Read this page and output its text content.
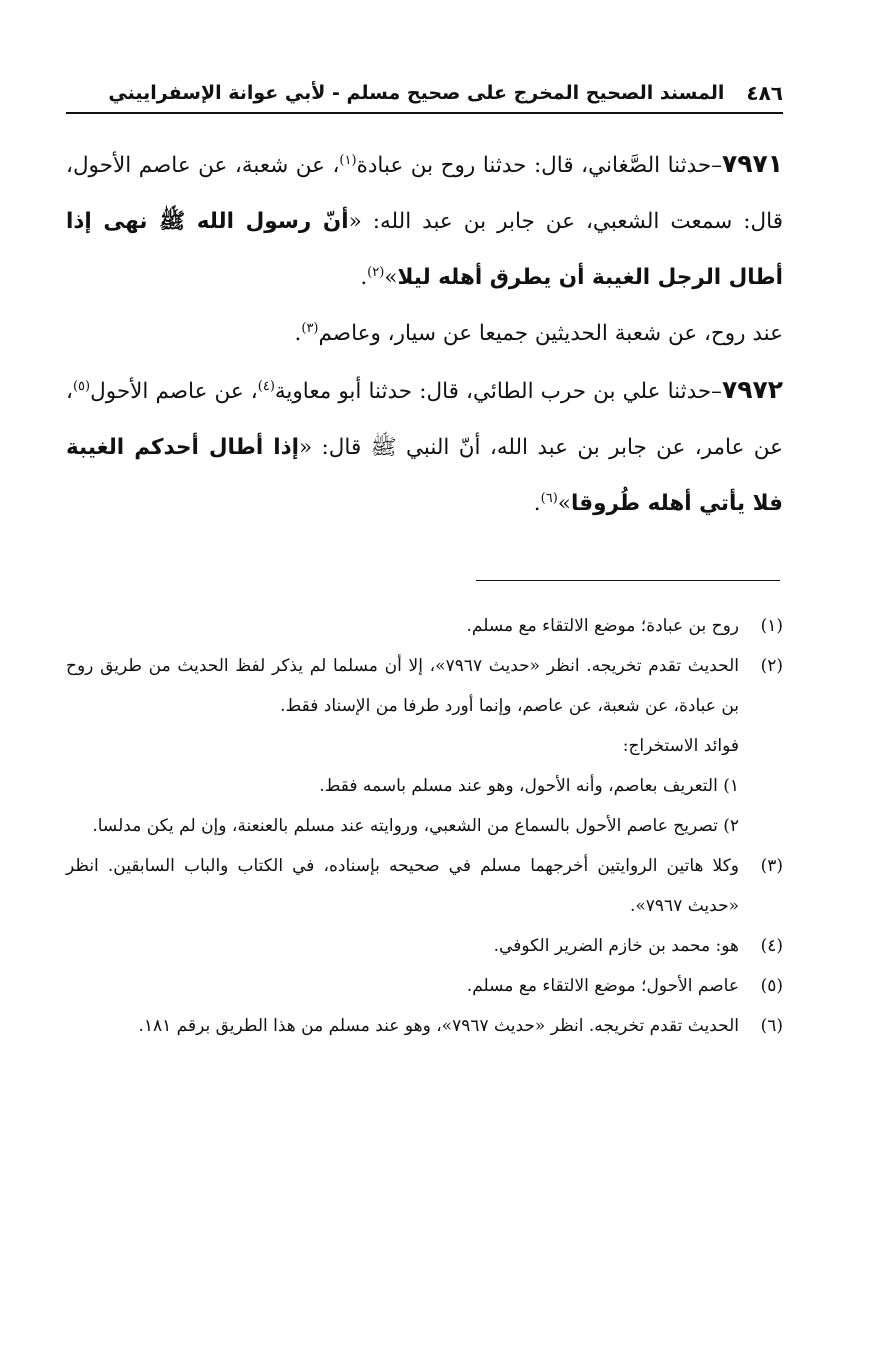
٤٨٦
المسند الصحيح المخرج على صحيح مسلم - لأبي عوانة الإسفراييني

٧٩٧١–حدثنا الصَّغاني، قال: حدثنا روح بن عبادة$^{(١)}$، عن شعبة، عن عاصم الأحول، قال: سمعت الشعبي، عن جابر بن عبد الله: «أنّ رسول الله ﷺ نهى إذا أطال الرجل الغيبة أن يطرق أهله ليلا»$^{(٢)}$.

عند روح، عن شعبة الحديثين جميعا عن سيار، وعاصم$^{(٣)}$.

٧٩٧٢–حدثنا علي بن حرب الطائي، قال: حدثنا أبو معاوية$^{(٤)}$، عن عاصم الأحول$^{(٥)}$، عن عامر، عن جابر بن عبد الله، أنّ النبي ﷺ قال: «إذا أطال أحدكم الغيبة فلا يأتي أهله طُروقا»$^{(٦)}$.

(١)
روح بن عبادة؛ موضع الالتقاء مع مسلم.
(٢)
الحديث تقدم تخريجه. انظر «حديث ٧٩٦٧»، إلا أن مسلما لم يذكر لفظ الحديث من طريق روح بن عبادة، عن شعبة، عن عاصم، وإنما أورد طرفا من الإسناد فقط.
فوائد الاستخراج:
١) التعريف بعاصم، وأنه الأحول، وهو عند مسلم باسمه فقط.
٢) تصريح عاصم الأحول بالسماع من الشعبي، وروايته عند مسلم بالعنعنة، وإن لم يكن مدلسا.
(٣)
وكلا هاتين الروايتين أخرجهما مسلم في صحيحه بإسناده، في الكتاب والباب السابقين. انظر «حديث ٧٩٦٧».
(٤)
هو: محمد بن خازم الضرير الكوفي.
(٥)
عاصم الأحول؛ موضع الالتقاء مع مسلم.
(٦)
الحديث تقدم تخريجه. انظر «حديث ٧٩٦٧»، وهو عند مسلم من هذا الطريق برقم ١٨١.
